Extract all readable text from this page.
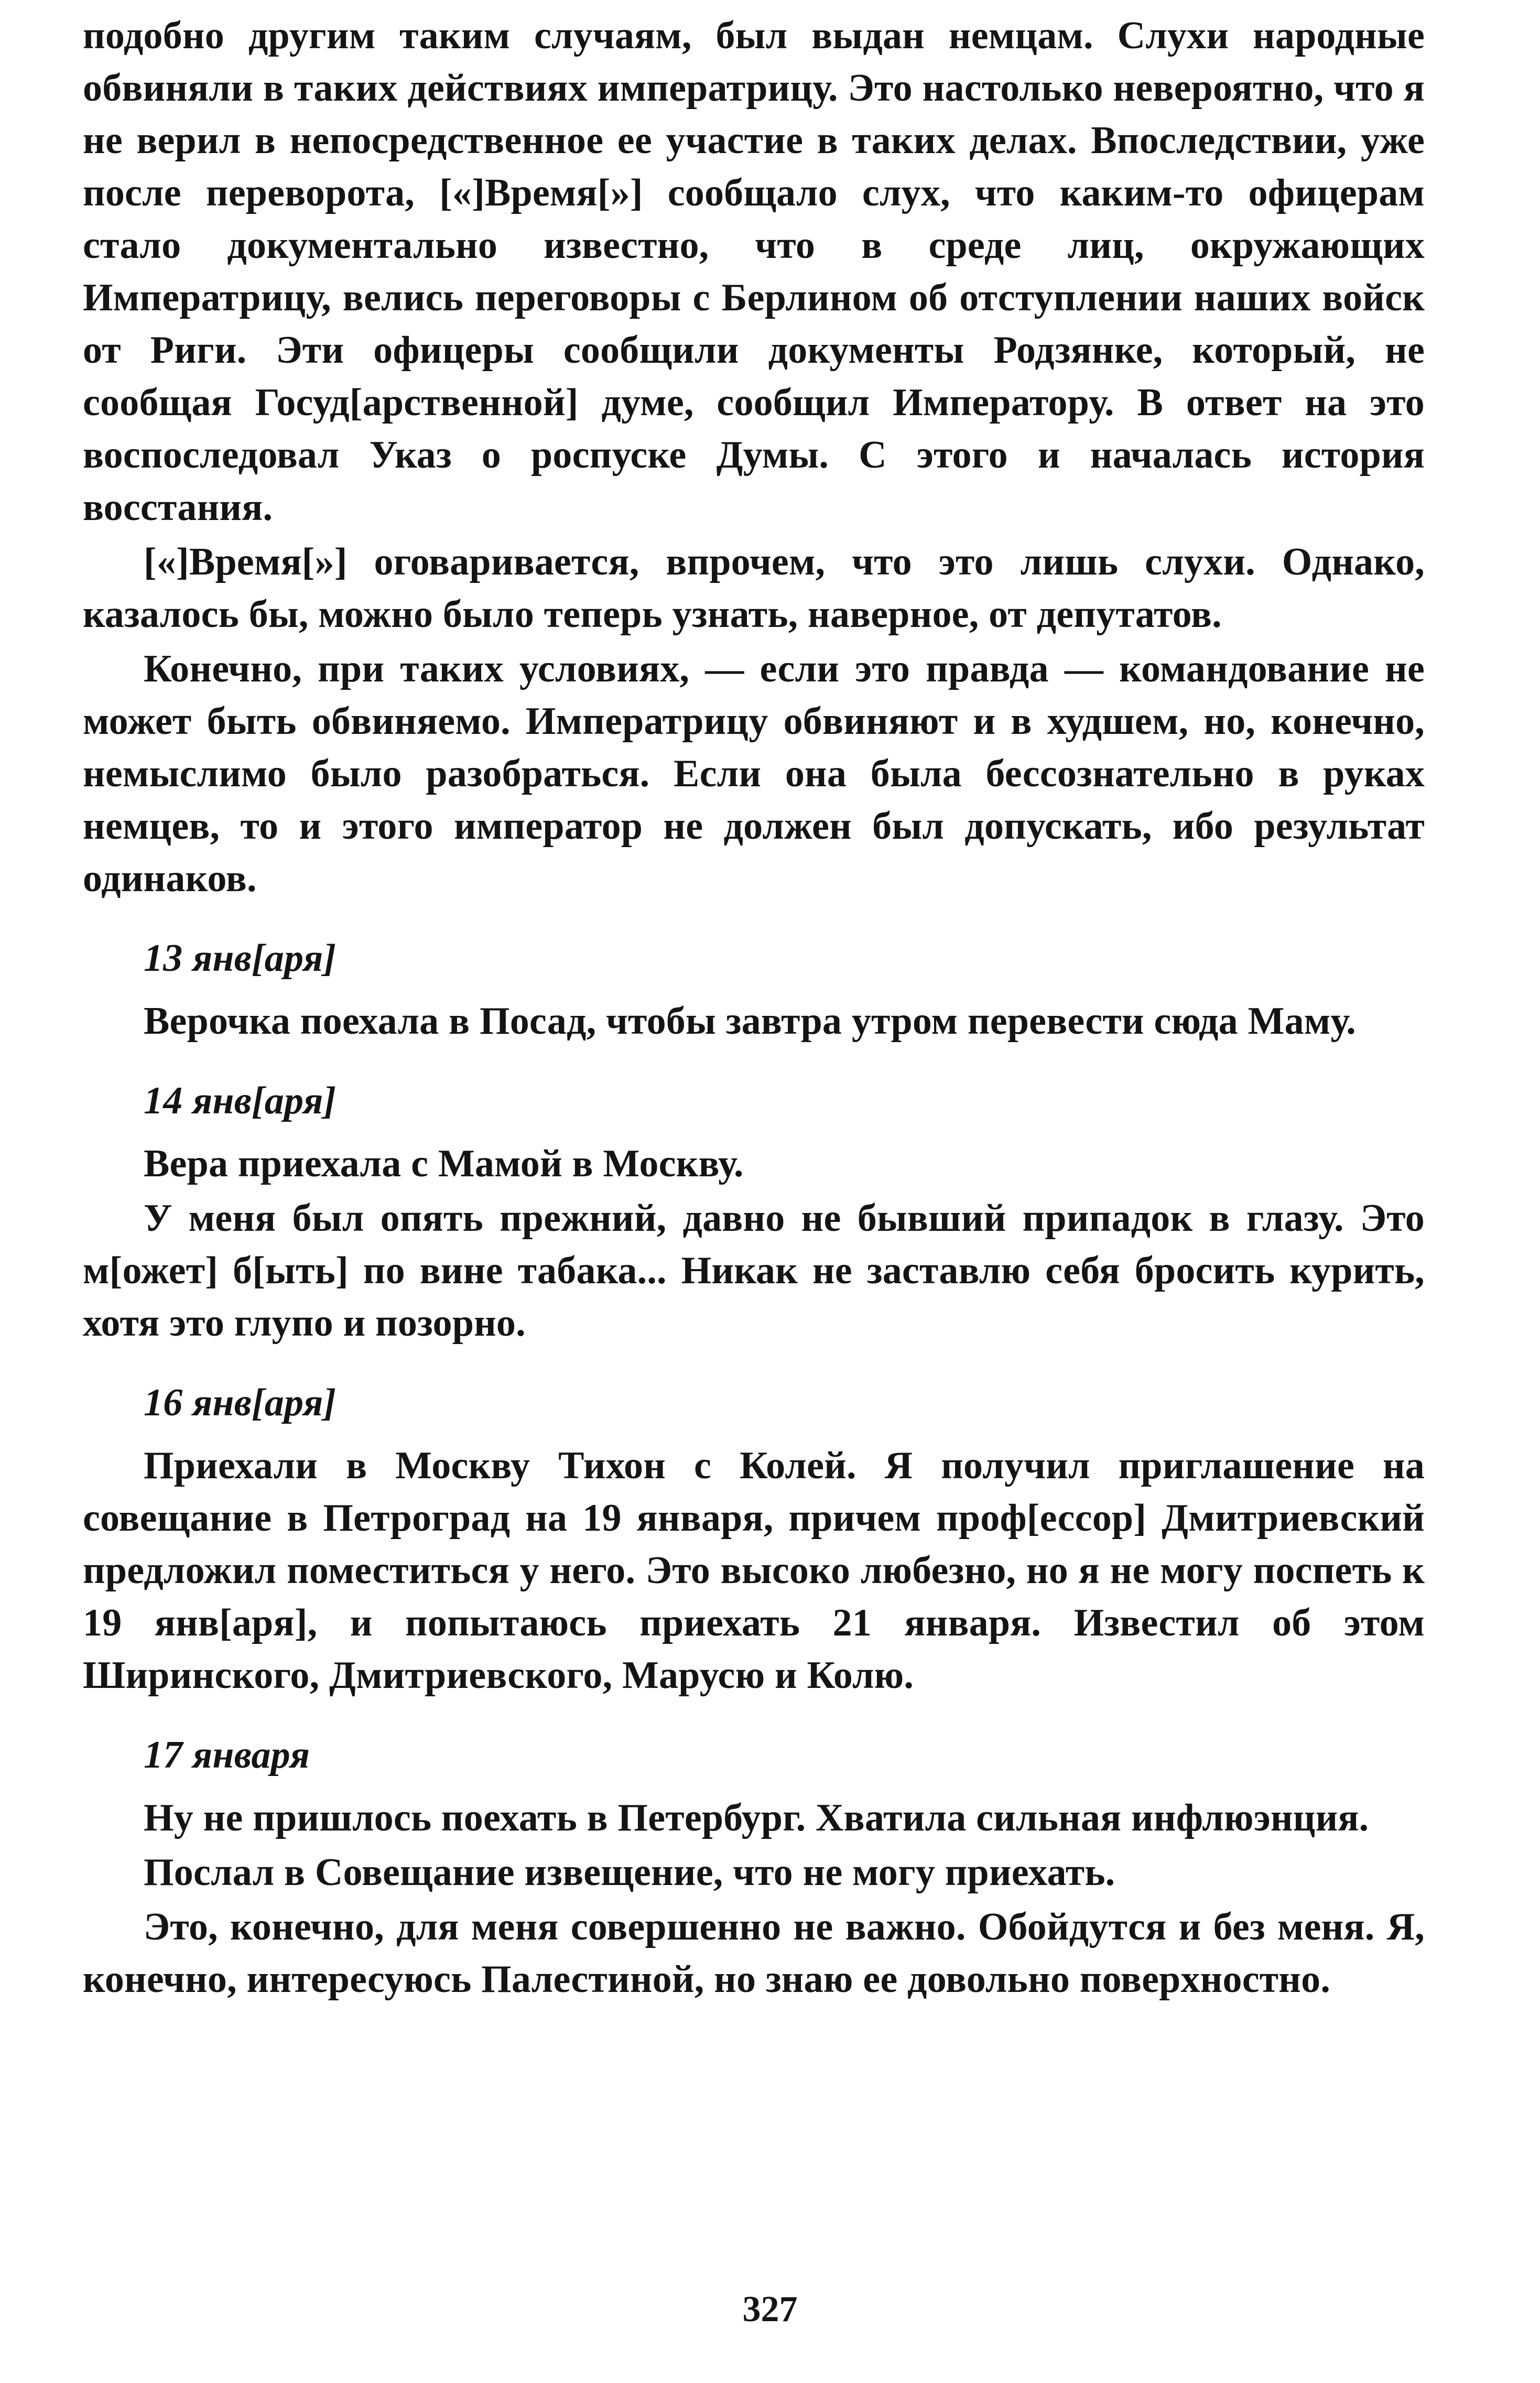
подобно другим таким случаям, был выдан немцам. Слухи народные обвиняли в таких действиях императрицу. Это настолько невероятно, что я не верил в непосредственное ее участие в таких делах. Впоследствии, уже после переворота, [«]Время[»] сообщало слух, что каким-то офицерам стало документально известно, что в среде лиц, окружающих Императрицу, велись переговоры с Берлином об отступлении наших войск от Риги. Эти офицеры сообщили документы Родзянке, который, не сообщая Госуд[арственной] думе, сообщил Императору. В ответ на это воспоследовал Указ о роспуске Думы. С этого и началась история восстания.

[«]Время[»] оговаривается, впрочем, что это лишь слухи. Однако, казалось бы, можно было теперь узнать, наверное, от депутатов.

Конечно, при таких условиях, — если это правда — командование не может быть обвиняемо. Императрицу обвиняют и в худшем, но, конечно, немыслимо было разобраться. Если она была бессознательно в руках немцев, то и этого император не должен был допускать, ибо результат одинаков.

13 янв[аря]

Верочка поехала в Посад, чтобы завтра утром перевести сюда Маму.

14 янв[аря]

Вера приехала с Мамой в Москву.

У меня был опять прежний, давно не бывший припадок в глазу. Это м[ожет] б[ыть] по вине табака... Никак не заставлю себя бросить курить, хотя это глупо и позорно.

16 янв[аря]

Приехали в Москву Тихон с Колей. Я получил приглашение на совещание в Петроград на 19 января, причем проф[ессор] Дмитриевский предложил поместиться у него. Это высоко любезно, но я не могу поспеть к 19 янв[аря], и попытаюсь приехать 21 января. Известил об этом Ширинского, Дмитриевского, Марусю и Колю.

17 января

Ну не пришлось поехать в Петербург. Хватила сильная инфлюэнция.

Послал в Совещание извещение, что не могу приехать.

Это, конечно, для меня совершенно не важно. Обойдутся и без меня. Я, конечно, интересуюсь Палестиной, но знаю ее довольно поверхностно.

327
